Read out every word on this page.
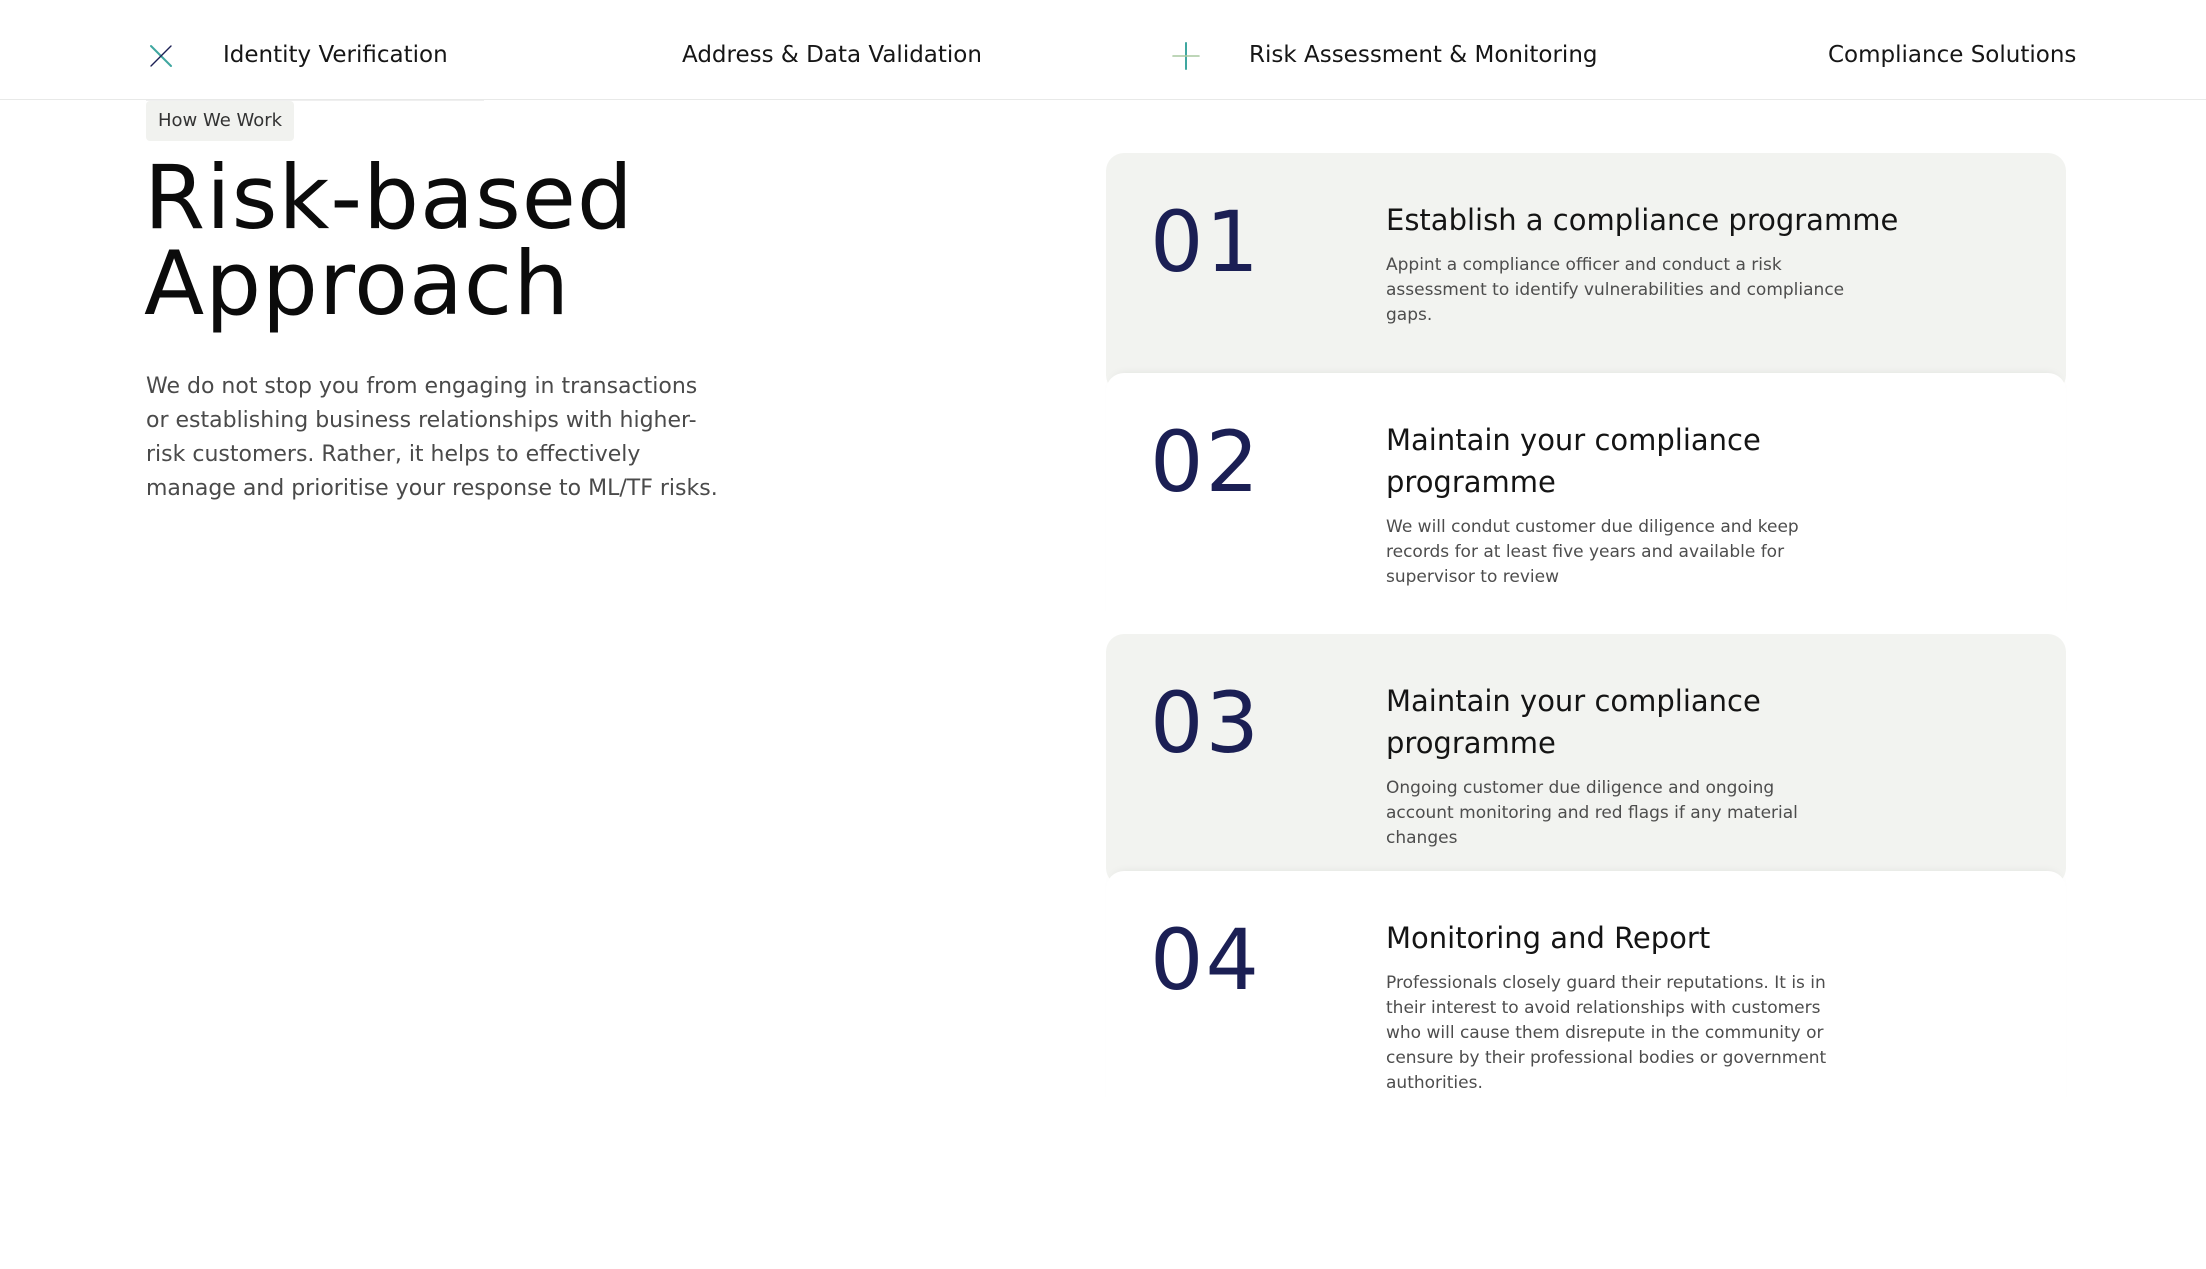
Identity Verification	Address & Data Validation	Risk Assessment & Monitoring	Compliance Solutions
How We Work
Risk-based
Approach

We do not stop you from engaging in transactions or establishing business relationships with higher-risk customers. Rather, it helps to effectively manage and prioritise your response to ML/TF risks.

01	Establish a compliance programme

Appint a compliance officer and conduct a risk assessment to identify vulnerabilities and compliance gaps.

02	Maintain your compliance programme

We will condut customer due diligence and keep records for at least five years and available for supervisor to review

03	Maintain your compliance programme

Ongoing customer due diligence and ongoing account monitoring and red flags if any material changes

04	Monitoring and Report

Professionals closely guard their reputations. It is in their interest to avoid relationships with customers who will cause them disrepute in the community or censure by their professional bodies or government authorities.
